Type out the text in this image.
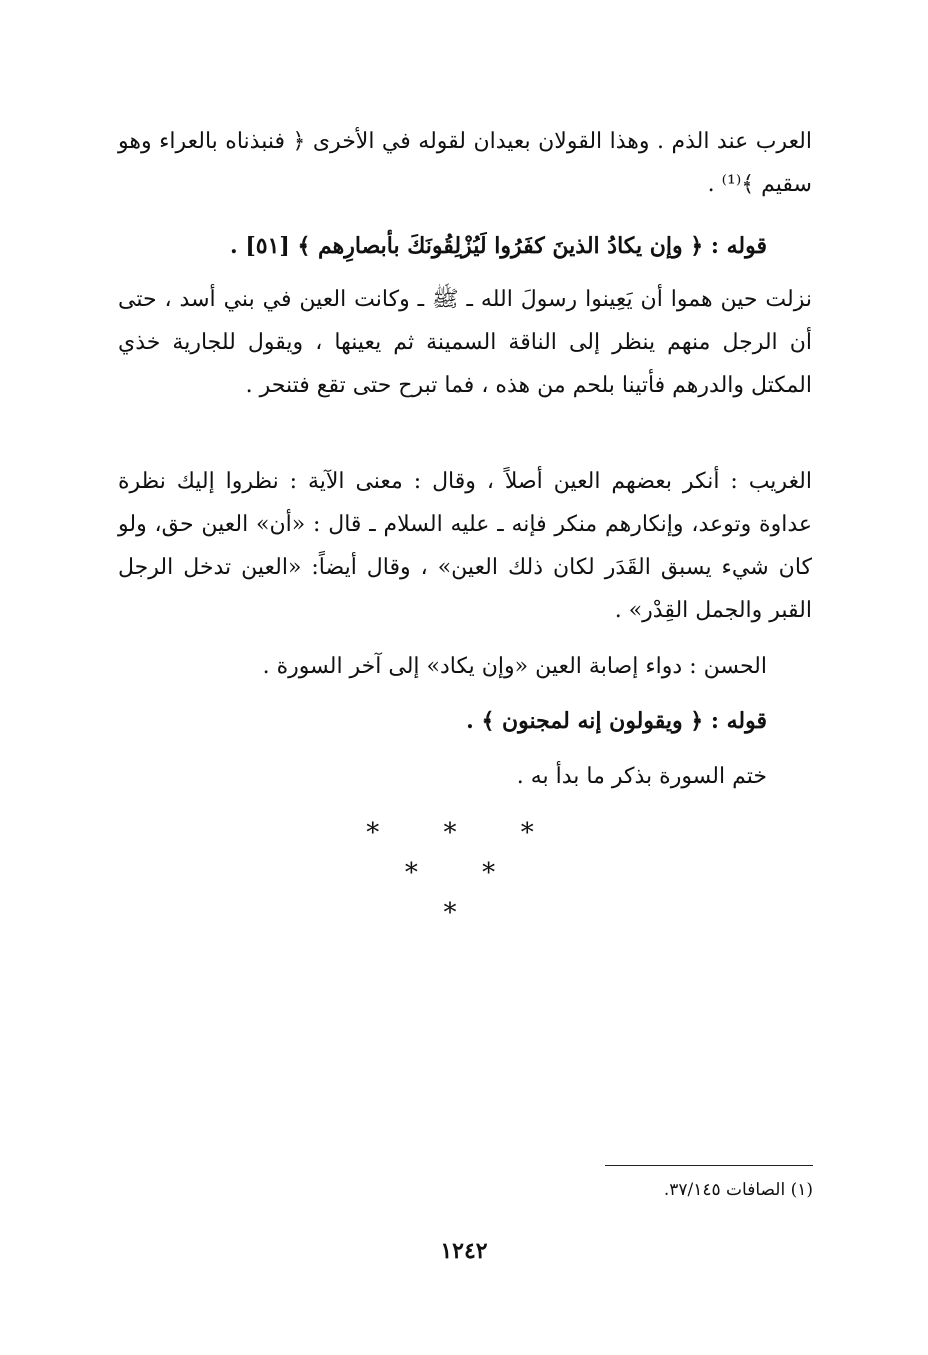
العرب عند الذم . وهذا القولان بعيدان لقوله في الأخرى ﴿ فنبذناه بالعراء وهو سقيم ﴾⁽¹⁾ .
قوله : ﴿ وإن يكادُ الذينَ كفَرُوا لَيُزْلِقُونَكَ بأبصارِهم ﴾ [٥١] .
نزلت حين هموا أن يَعِينوا رسولَ الله ـ ﷺ ـ وكانت العين في بني أسد ، حتى أن الرجل منهم ينظر إلى الناقة السمينة ثم يعينها ، ويقول للجارية خذي المكتل والدرهم فأتينا بلحم من هذه ، فما تبرح حتى تقع فتنحر .
الغريب : أنكر بعضهم العين أصلاً ، وقال : معنى الآية : نظروا إليك نظرة عداوة وتوعد، وإنكارهم منكر فإنه ـ عليه السلام ـ قال : «أن» العين حق، ولو كان شيء يسبق القَدَر لكان ذلك العين» ، وقال أيضاً: «العين تدخل الرجل القبر والجمل القِدْر» .
الحسن : دواء إصابة العين «وإن يكاد» إلى آخر السورة .
قوله : ﴿ ويقولون إنه لمجنون ﴾ .
ختم السورة بذكر ما بدأ به .
* * *
* *
*
(١) الصافات ٣٧/١٤٥.
١٢٤٢
